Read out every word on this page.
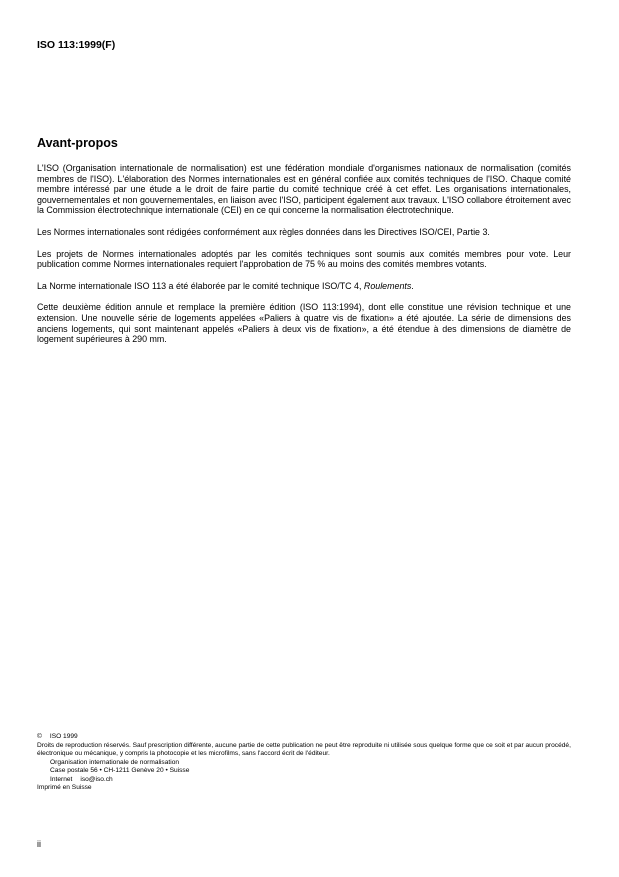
ISO 113:1999(F)
Avant-propos

L'ISO (Organisation internationale de normalisation) est une fédération mondiale d'organismes nationaux de normalisation (comités membres de l'ISO). L'élaboration des Normes internationales est en général confiée aux comités techniques de l'ISO. Chaque comité membre intéressé par une étude a le droit de faire partie du comité technique créé à cet effet. Les organisations internationales, gouvernementales et non gouvernementales, en liaison avec l'ISO, participent également aux travaux. L'ISO collabore étroitement avec la Commission électrotechnique internationale (CEI) en ce qui concerne la normalisation électrotechnique.

Les Normes internationales sont rédigées conformément aux règles données dans les Directives ISO/CEI, Partie 3.

Les projets de Normes internationales adoptés par les comités techniques sont soumis aux comités membres pour vote. Leur publication comme Normes internationales requiert l'approbation de 75 % au moins des comités membres votants.

La Norme internationale ISO 113 a été élaborée par le comité technique ISO/TC 4, Roulements.

Cette deuxième édition annule et remplace la première édition (ISO 113:1994), dont elle constitue une révision technique et une extension. Une nouvelle série de logements appelées «Paliers à quatre vis de fixation» a été ajoutée. La série de dimensions des anciens logements, qui sont maintenant appelés «Paliers à deux vis de fixation», a été étendue à des dimensions de diamètre de logement supérieures à 290 mm.

© ISO 1999
Droits de reproduction réservés. Sauf prescription différente, aucune partie de cette publication ne peut être reproduite ni utilisée sous quelque forme que ce soit et par aucun procédé, électronique ou mécanique, y compris la photocopie et les microfilms, sans l'accord écrit de l'éditeur.
Organisation internationale de normalisation
Case postale 56 • CH-1211 Genève 20 • Suisse
Internet iso@iso.ch
Imprimé en Suisse
ii
